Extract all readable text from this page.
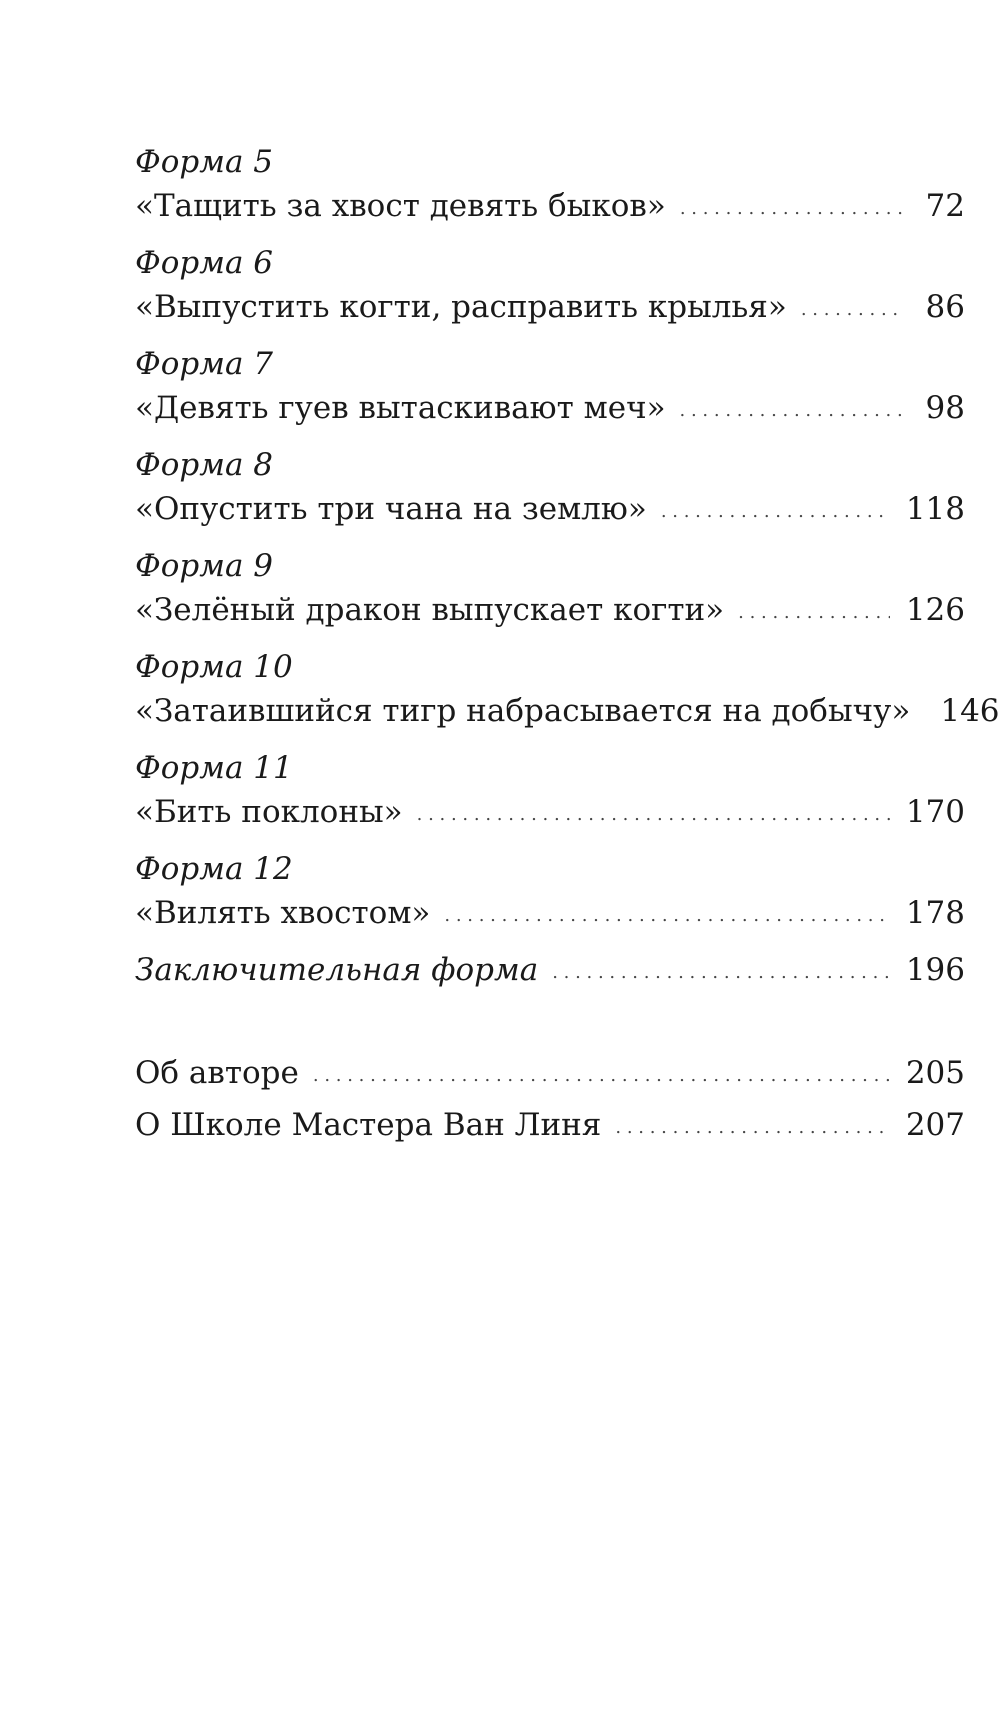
Форма 5
«Тащить за хвост девять быков» . . .	72
Форма 6
«Выпустить когти, расправить крылья» . . .	86
Форма 7
«Девять гуев вытаскивают меч» . . .	98
Форма 8
«Опустить три чана на землю» . . .	118
Форма 9
«Зелёный дракон выпускает когти» . . .	126
Форма 10
«Затаившийся тигр набрасывается на добычу» 146
Форма 11
«Бить поклоны» . . .	170
Форма 12
«Вилять хвостом» . . .	178
Заключительная форма . . .	196
Об авторе . . .	205
О Школе Мастера Ван Линя . . .	207
